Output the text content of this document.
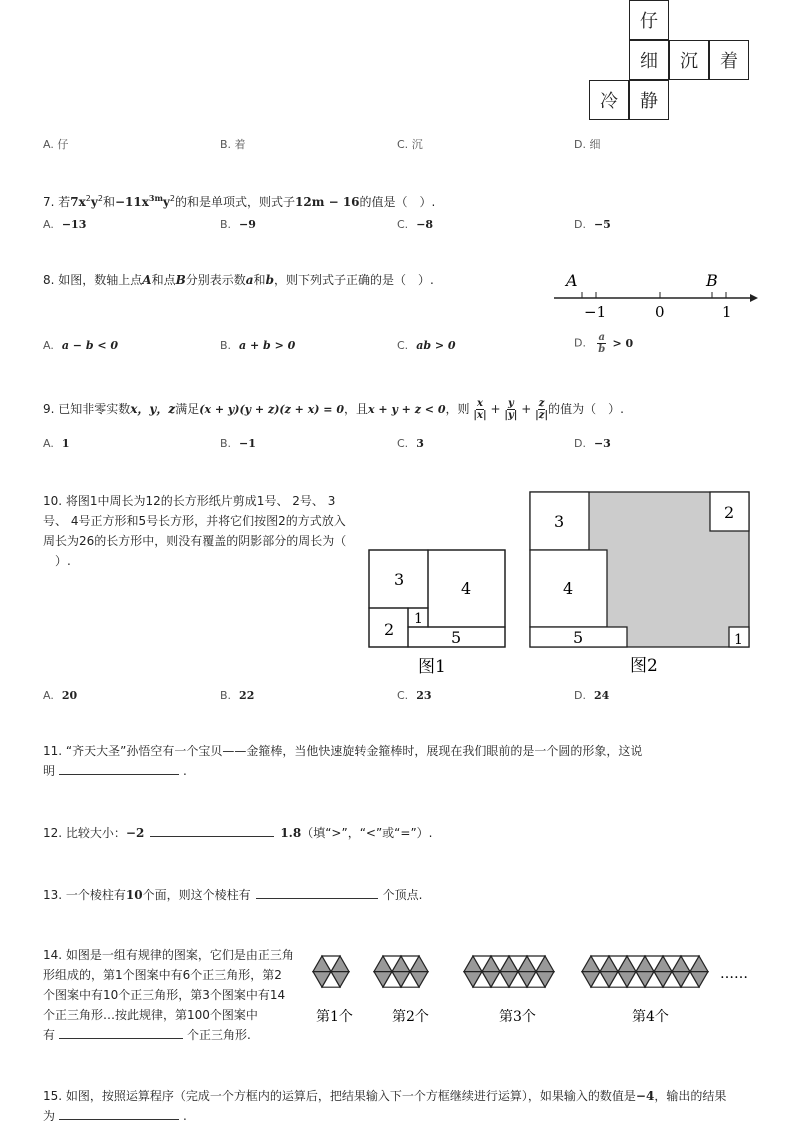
仔
细	沉	着
冷	静
A. 仔	B. 着	C. 沉	D. 细
7. 若$7x^2y^2$和$-11x^{3m}y^2$的和是单项式，则式子12m − 16的值是（　）.
A. −13	B. −9	C. −8	D. −5
8. 如图，数轴上点A和点B分别表示数a和b，则下列式子正确的是（　）.	A	B
−1	0	1
A. a − b < 0	B. a + b > 0	C. ab > 0	D. $\frac{a}{b} > 0$
9. 已知非零实数x，y，z满足(x + y)(y + z)(z + x) = 0，且x + y + z < 0，则 $\frac{x}{|x|} + \frac{y}{|y|} + \frac{z}{|z|}$ 的值为（　）.
A. 1	B. −1	C. 3	D. −3
10. 将图1中周长为12的长方形纸片剪成1号、 2号、 3
号、 4号正方形和5号长方形，并将它们按图2的方式放入
周长为26的长方形中，则没有覆盖的阴影部分的周长为（
　）.
3	4
1
2	5
图1
3	2
4
5	1
图2
A. 20	B. 22	C. 23	D. 24
11. “齐天大圣”孙悟空有一个宝贝——金箍棒，当他快速旋转金箍棒时，展现在我们眼前的是一个圆的形象，这说
明	.
12. 比较大小：−2	1.8（填“>”，“<”或“=”）.
13. 一个棱柱有10个面，则这个棱柱有	个顶点.
14. 如图是一组有规律的图案，它们是由正三角
形组成的，第1个图案中有6个正三角形，第2
个图案中有10个正三角形，第3个图案中有14
个正三角形…按此规律，第100个图案中
有	个正三角形.
第1个	第2个	第3个	第4个
……
15. 如图，按照运算程序（完成一个方框内的运算后，把结果输入下一个方框继续进行运算），如果输入的数值是−4，输出的结果
为	.
